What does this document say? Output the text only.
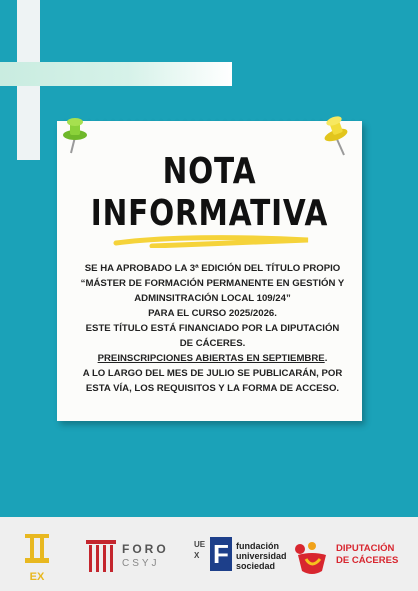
NOTA
INFORMATIVA

SE HA APROBADO LA 3ª EDICIÓN DEL TÍTULO PROPIO “MÁSTER DE FORMACIÓN PERMANENTE EN GESTIÓN Y ADMINSITRACIÓN LOCAL 109/24”

PARA EL CURSO 2025/2026.

ESTE TÍTULO ESTÁ FINANCIADO POR LA DIPUTACIÓN DE CÁCERES.

PREINSCRIPCIONES ABIERTAS EN SEPTIEMBRE.

A LO LARGO DEL MES DE JULIO SE PUBLICARÁN, POR ESTA VÍA, LOS REQUISITOS Y LA FORMA DE ACCESO.

EX
FORO
CSYJ
UEX F fundación
universidad
sociedad
DIPUTACIÓN
DE CÁCERES
